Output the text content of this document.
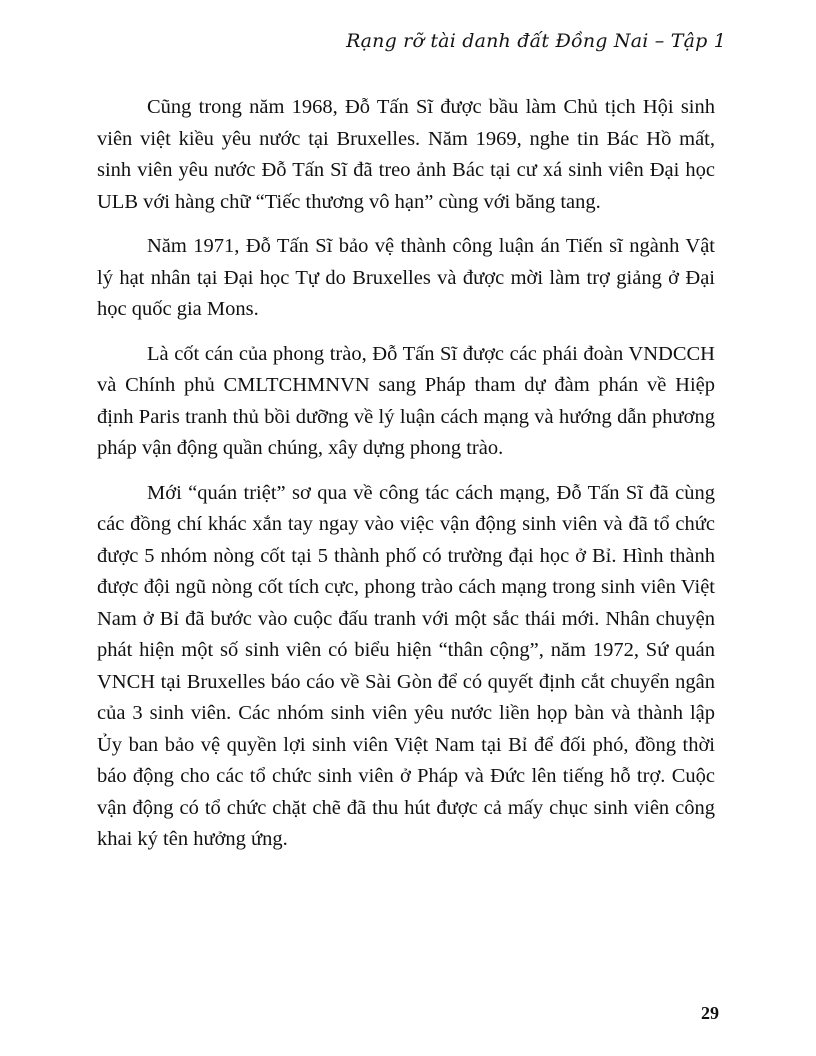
Rạng rỡ tài danh đất Đồng Nai – Tập 1

Cũng trong năm 1968, Đỗ Tấn Sĩ được bầu làm Chủ tịch Hội sinh viên việt kiều yêu nước tại Bruxelles. Năm 1969, nghe tin Bác Hồ mất, sinh viên yêu nước Đỗ Tấn Sĩ đã treo ảnh Bác tại cư xá sinh viên Đại học ULB với hàng chữ “Tiếc thương vô hạn” cùng với băng tang.

Năm 1971, Đỗ Tấn Sĩ bảo vệ thành công luận án Tiến sĩ ngành Vật lý hạt nhân tại Đại học Tự do Bruxelles và được mời làm trợ giảng ở Đại học quốc gia Mons.

Là cốt cán của phong trào, Đỗ Tấn Sĩ được các phái đoàn VNDCCH và Chính phủ CMLTCHMNVN sang Pháp tham dự đàm phán về Hiệp định Paris tranh thủ bồi dưỡng về lý luận cách mạng và hướng dẫn phương pháp vận động quần chúng, xây dựng phong trào.

Mới “quán triệt” sơ qua về công tác cách mạng, Đỗ Tấn Sĩ đã cùng các đồng chí khác xắn tay ngay vào việc vận động sinh viên và đã tổ chức được 5 nhóm nòng cốt tại 5 thành phố có trường đại học ở Bỉ. Hình thành được đội ngũ nòng cốt tích cực, phong trào cách mạng trong sinh viên Việt Nam ở Bỉ đã bước vào cuộc đấu tranh với một sắc thái mới. Nhân chuyện phát hiện một số sinh viên có biểu hiện “thân cộng”, năm 1972, Sứ quán VNCH tại Bruxelles báo cáo về Sài Gòn để có quyết định cắt chuyển ngân của 3 sinh viên. Các nhóm sinh viên yêu nước liền họp bàn và thành lập Ủy ban bảo vệ quyền lợi sinh viên Việt Nam tại Bỉ để đối phó, đồng thời báo động cho các tổ chức sinh viên ở Pháp và Đức lên tiếng hỗ trợ. Cuộc vận động có tổ chức chặt chẽ đã thu hút được cả mấy chục sinh viên công khai ký tên hưởng ứng.

29
